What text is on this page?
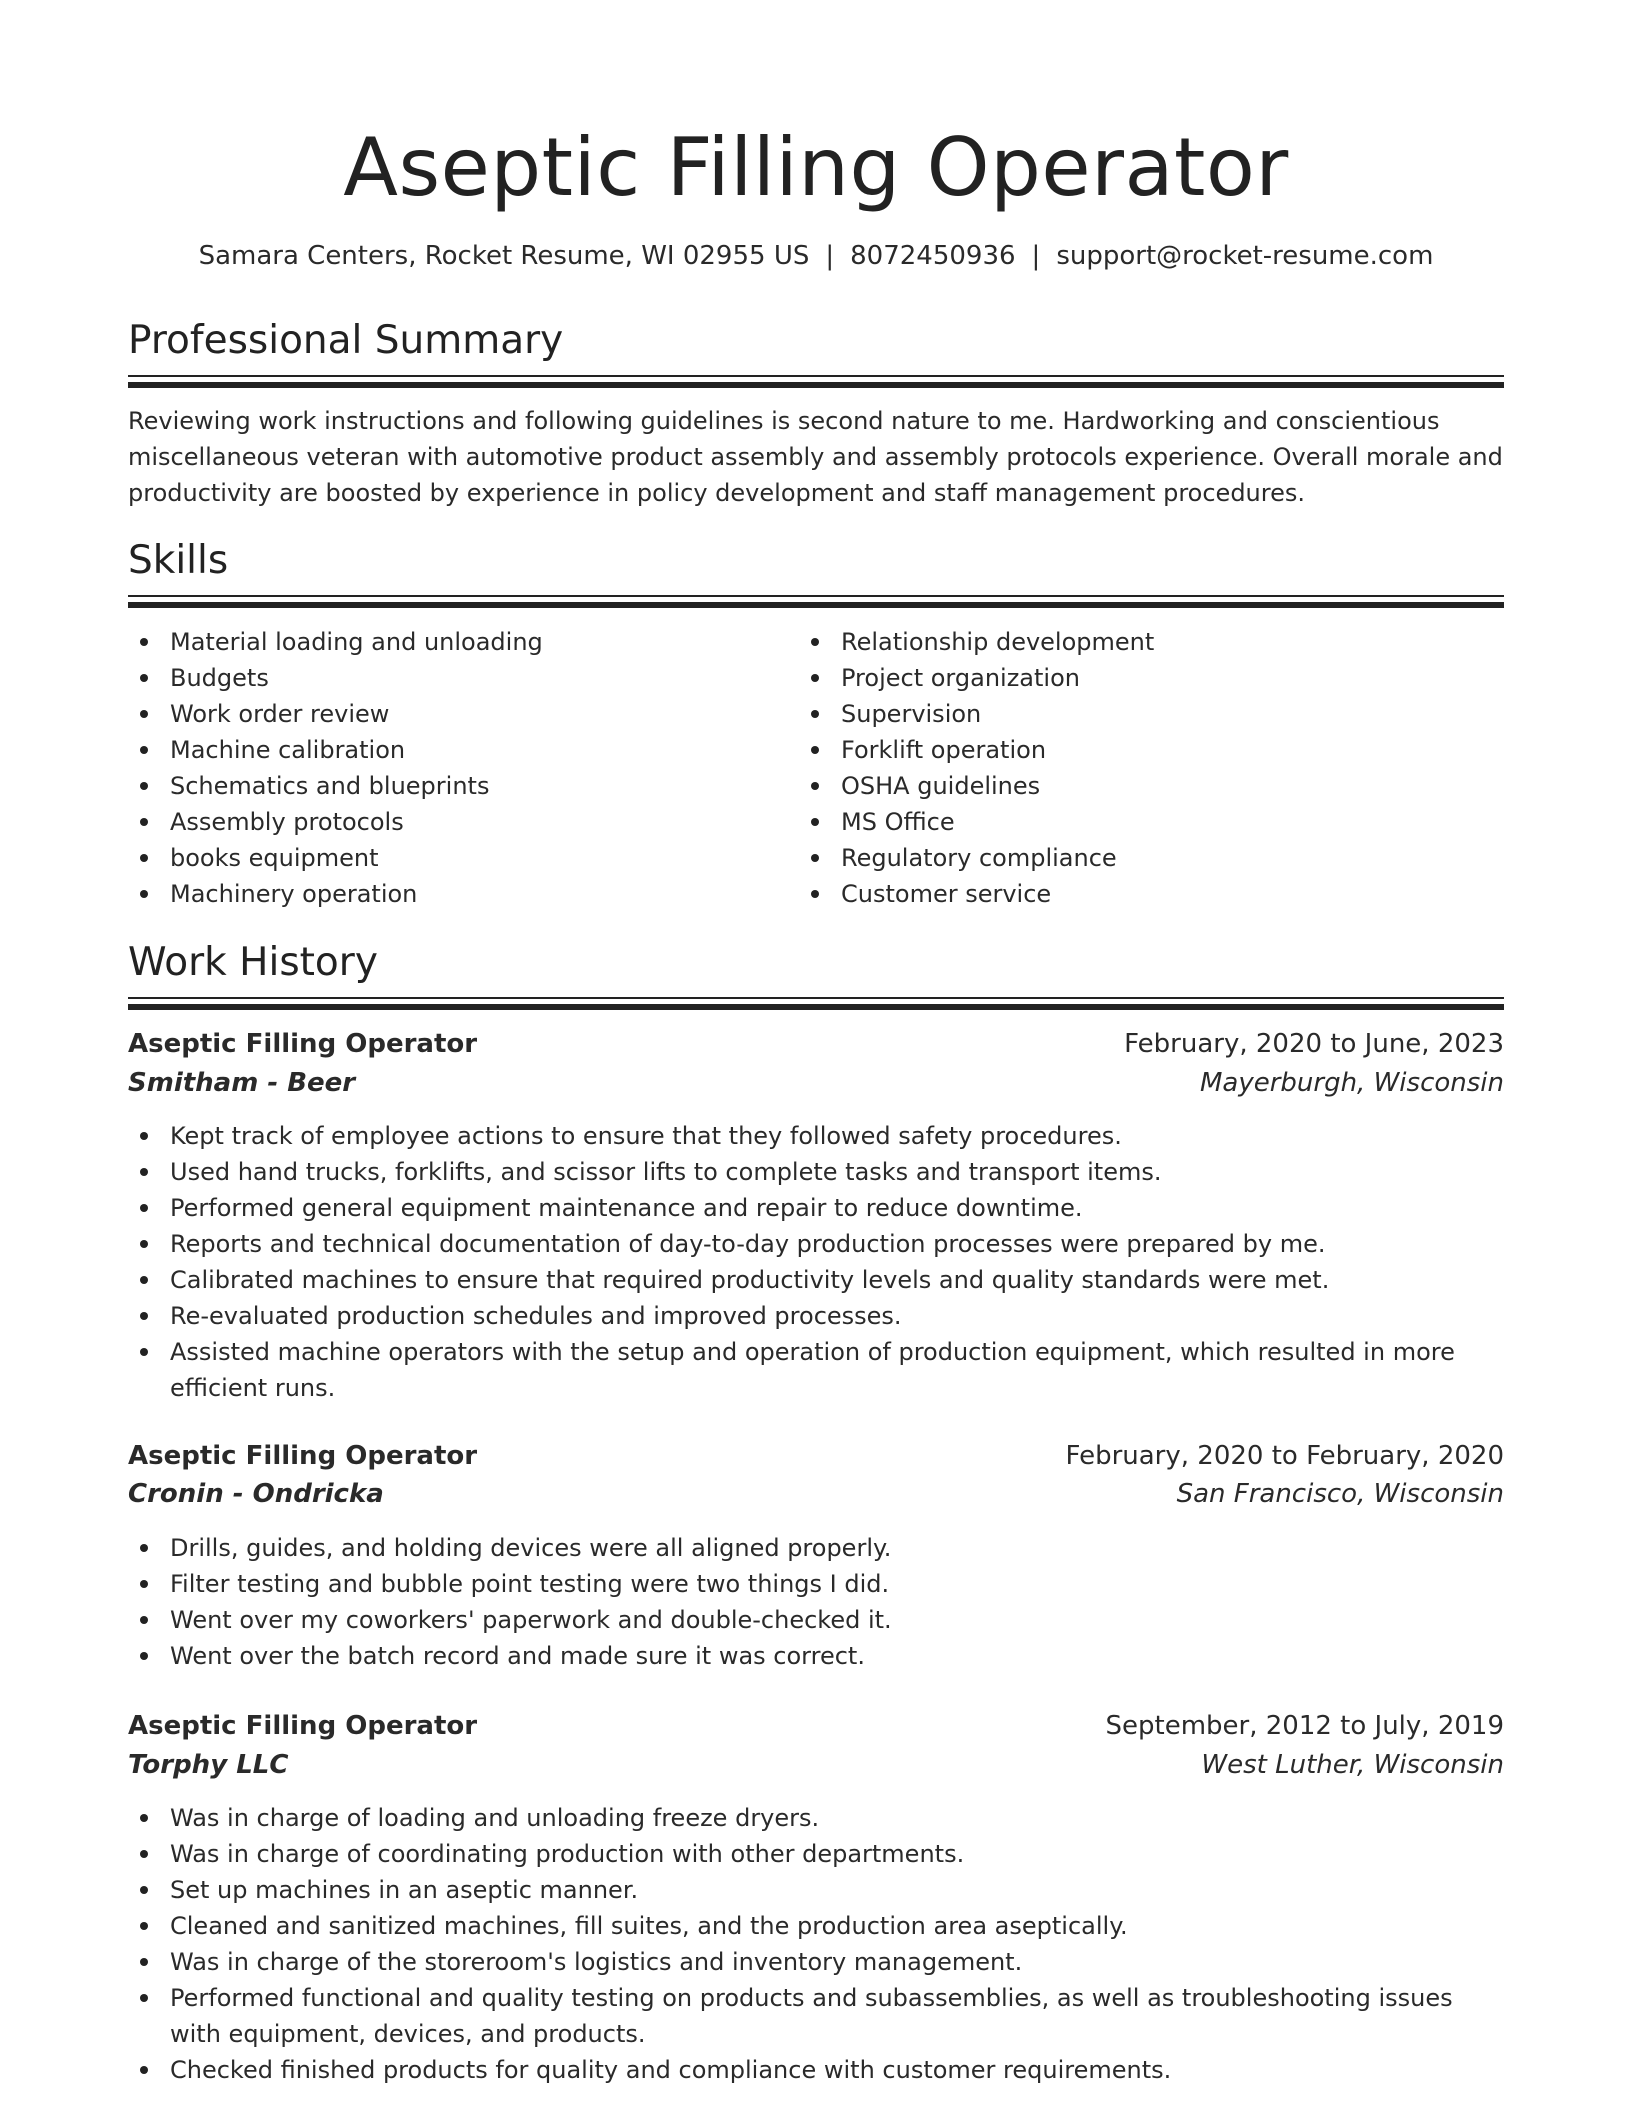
Aseptic Filling Operator
Samara Centers, Rocket Resume, WI 02955 US | 8072450936 | support@rocket-resume.com
Professional Summary

Reviewing work instructions and following guidelines is second nature to me. Hardworking and conscientious miscellaneous veteran with automotive product assembly and assembly protocols experience. Overall morale and productivity are boosted by experience in policy development and staff management procedures.

Skills
Material loading and unloading
Budgets
Work order review
Machine calibration
Schematics and blueprints
Assembly protocols
books equipment
Machinery operation
Relationship development
Project organization
Supervision
Forklift operation
OSHA guidelines
MS Office
Regulatory compliance
Customer service
Work History
Aseptic Filling Operator	February, 2020 to June, 2023
Smitham - Beer	Mayerburgh, Wisconsin
Kept track of employee actions to ensure that they followed safety procedures.
Used hand trucks, forklifts, and scissor lifts to complete tasks and transport items.
Performed general equipment maintenance and repair to reduce downtime.
Reports and technical documentation of day-to-day production processes were prepared by me.
Calibrated machines to ensure that required productivity levels and quality standards were met.
Re-evaluated production schedules and improved processes.
Assisted machine operators with the setup and operation of production equipment, which resulted in more efficient runs.
Aseptic Filling Operator	February, 2020 to February, 2020
Cronin - Ondricka	San Francisco, Wisconsin
Drills, guides, and holding devices were all aligned properly.
Filter testing and bubble point testing were two things I did.
Went over my coworkers' paperwork and double-checked it.
Went over the batch record and made sure it was correct.
Aseptic Filling Operator	September, 2012 to July, 2019
Torphy LLC	West Luther, Wisconsin
Was in charge of loading and unloading freeze dryers.
Was in charge of coordinating production with other departments.
Set up machines in an aseptic manner.
Cleaned and sanitized machines, fill suites, and the production area aseptically.
Was in charge of the storeroom's logistics and inventory management.
Performed functional and quality testing on products and subassemblies, as well as troubleshooting issues with equipment, devices, and products.
Checked finished products for quality and compliance with customer requirements.
